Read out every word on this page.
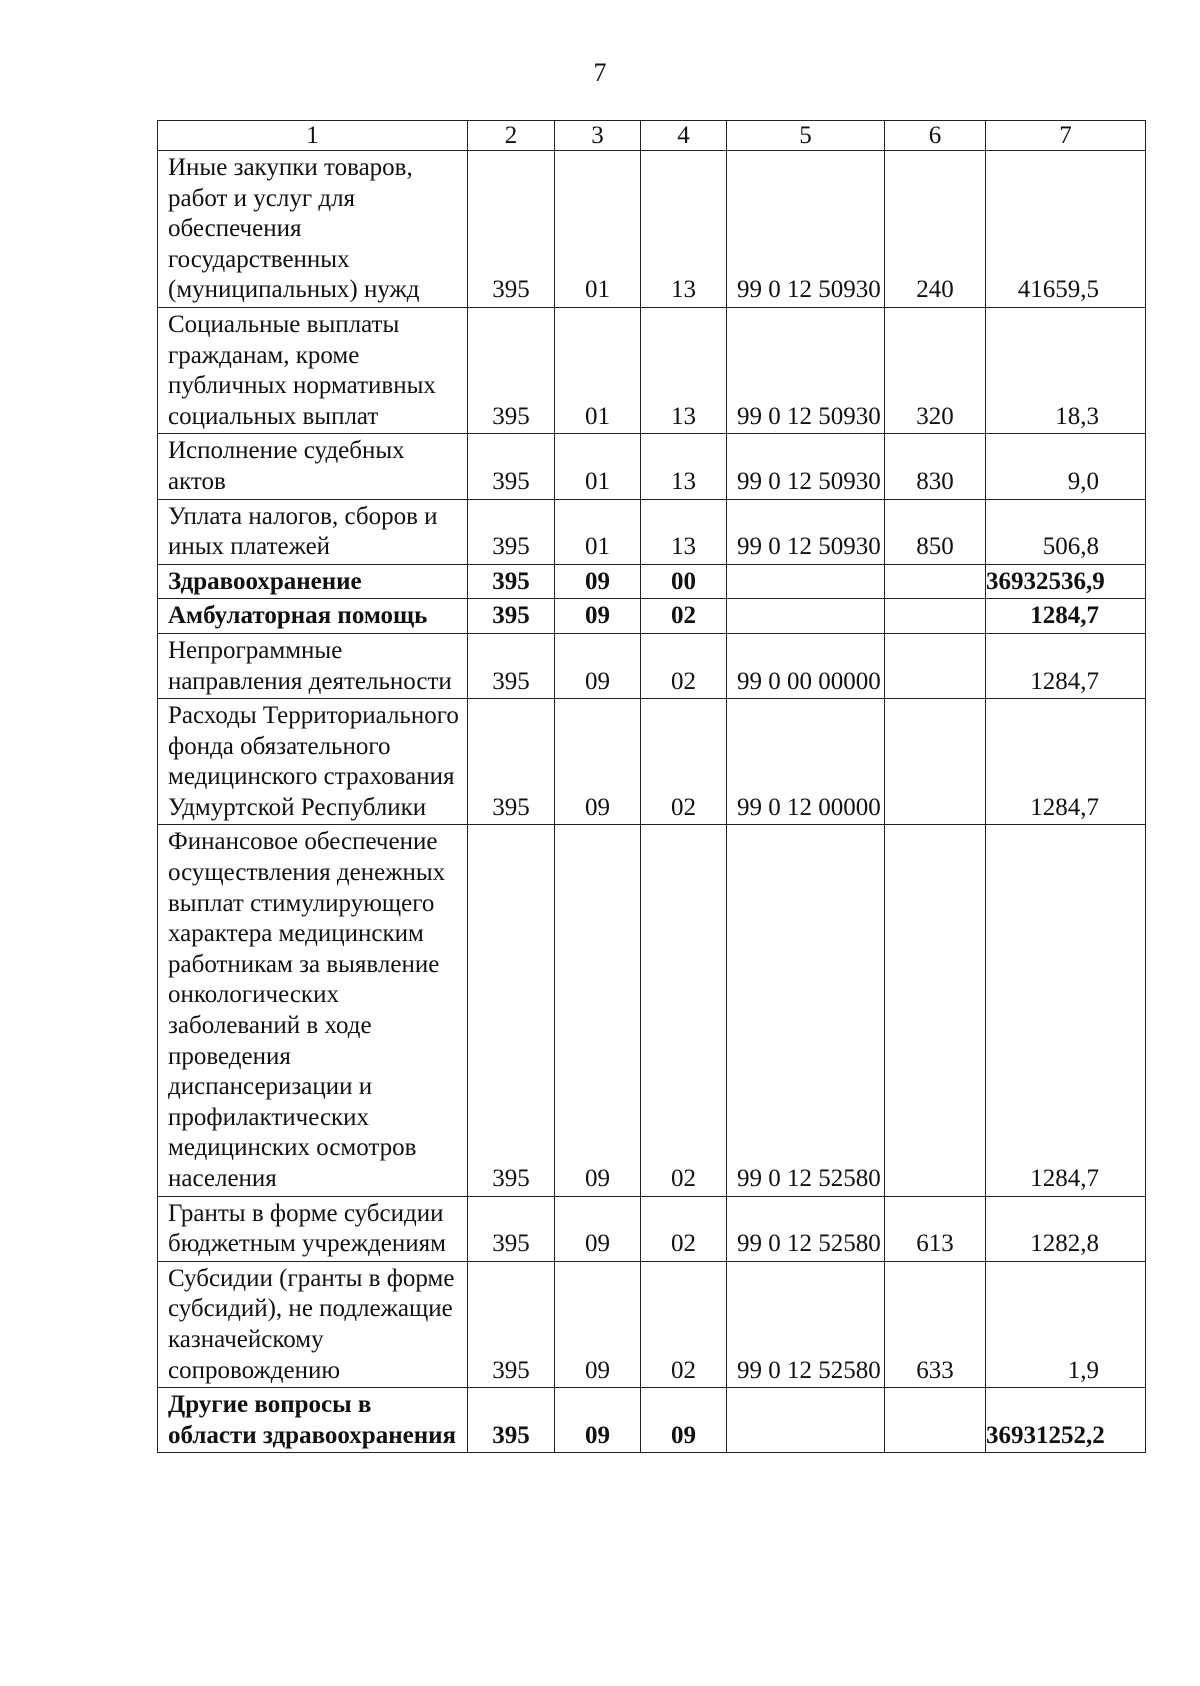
7
1	2	3	4	5	6	7
Иные закупки товаров, работ и услуг для обеспечения государственных (муниципальных) нужд	395	01	13	99 0 12 50930	240	41659,5
Социальные выплаты гражданам, кроме публичных нормативных социальных выплат	395	01	13	99 0 12 50930	320	18,3
Исполнение судебных актов	395	01	13	99 0 12 50930	830	9,0
Уплата налогов, сборов и иных платежей	395	01	13	99 0 12 50930	850	506,8
Здравоохранение	395	09	00			36932536,9
Амбулаторная помощь	395	09	02			1284,7
Непрограммные направления деятельности	395	09	02	99 0 00 00000		1284,7
Расходы Территориального фонда обязательного медицинского страхования Удмуртской Республики	395	09	02	99 0 12 00000		1284,7
Финансовое обеспечение осуществления денежных выплат стимулирующего характера медицинским работникам за выявление онкологических заболеваний в ходе проведения диспансеризации и профилактических медицинских осмотров населения	395	09	02	99 0 12 52580		1284,7
Гранты в форме субсидии бюджетным учреждениям	395	09	02	99 0 12 52580	613	1282,8
Субсидии (гранты в форме субсидий), не подлежащие казначейскому сопровождению	395	09	02	99 0 12 52580	633	1,9
Другие вопросы в области здравоохранения	395	09	09			36931252,2
